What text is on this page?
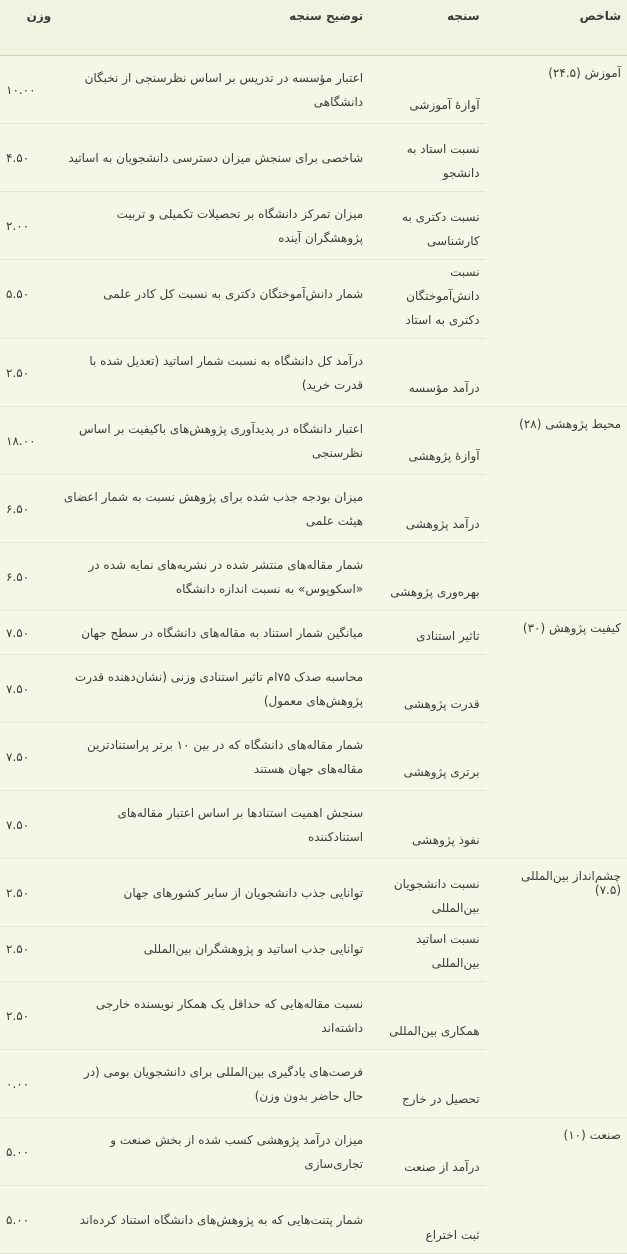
شاخص	سنجه	توضیح سنجه	وزن
آموزش (۲۴.۵)	آوازهٔ آموزشی	اعتبار مؤسسه در تدریس بر اساس نظرسنجی از نخبگان دانشگاهی	۱۰.۰۰

	نسبت استاد به دانشجو	شاخصی برای سنجش میزان دسترسی دانشجویان به اساتید	۴.۵۰

	نسبت دکتری به کارشناسی	میزان تمرکز دانشگاه بر تحصیلات تکمیلی و تربیت پژوهشگران آینده	۲.۰۰

	نسبت دانش‌آموختگان دکتری به استاد	شمار دانش‌آموختگان دکتری به نسبت کل کادر علمی	۵.۵۰

	درآمد مؤسسه	درآمد کل دانشگاه به نسبت شمار اساتید (تعدیل شده با قدرت خرید)	۲.۵۰

محیط پژوهشی (۲۸)	آوازهٔ پژوهشی	اعتبار دانشگاه در پدیدآوری پژوهش‌های باکیفیت بر اساس نظرسنجی	۱۸.۰۰

	درآمد پژوهشی	میزان بودجه جذب شده برای پژوهش نسبت به شمار اعضای هیئت علمی	۶.۵۰

	بهره‌وری پژوهشی	شمار مقاله‌های منتشر شده در نشریه‌های نمایه شده در «اسکوپوس» به نسبت اندازه دانشگاه	۶.۵۰

کیفیت پژوهش (۳۰)	تاثیر استنادی	میانگین شمار استناد به مقاله‌های دانشگاه در سطح جهان	۷.۵۰

	قدرت پژوهشی	محاسبه صدک ۷۵ام تاثیر استنادی وزنی (نشان‌دهنده قدرت پژوهش‌های معمول)	۷.۵۰

	برتری پژوهشی	شمار مقاله‌های دانشگاه که در بین ۱۰ برتر پراستنادترین مقاله‌های جهان هستند	۷.۵۰

	نفوذ پژوهشی	سنجش اهمیت استنادها بر اساس اعتبار مقاله‌های استنادکننده	۷.۵۰

چشم‌انداز بین‌المللی (۷.۵)	نسبت دانشجویان بین‌المللی	توانایی جذب دانشجویان از سایر کشورهای جهان	۲.۵۰

	نسبت اساتید بین‌المللی	توانایی جذب اساتید و پژوهشگران بین‌المللی	۲.۵۰

	همکاری بین‌المللی	نسبت مقاله‌هایی که حداقل یک همکار نویسنده خارجی داشته‌اند	۲.۵۰

	تحصیل در خارج	فرصت‌های یادگیری بین‌المللی برای دانشجویان بومی (در حال حاضر بدون وزن)	۰.۰۰

صنعت (۱۰)	درآمد از صنعت	میزان درآمد پژوهشی کسب شده از بخش صنعت و تجاری‌سازی	۵.۰۰

	ثبت اختراع	شمار پتنت‌هایی که به پژوهش‌های دانشگاه استناد کرده‌اند	۵.۰۰
